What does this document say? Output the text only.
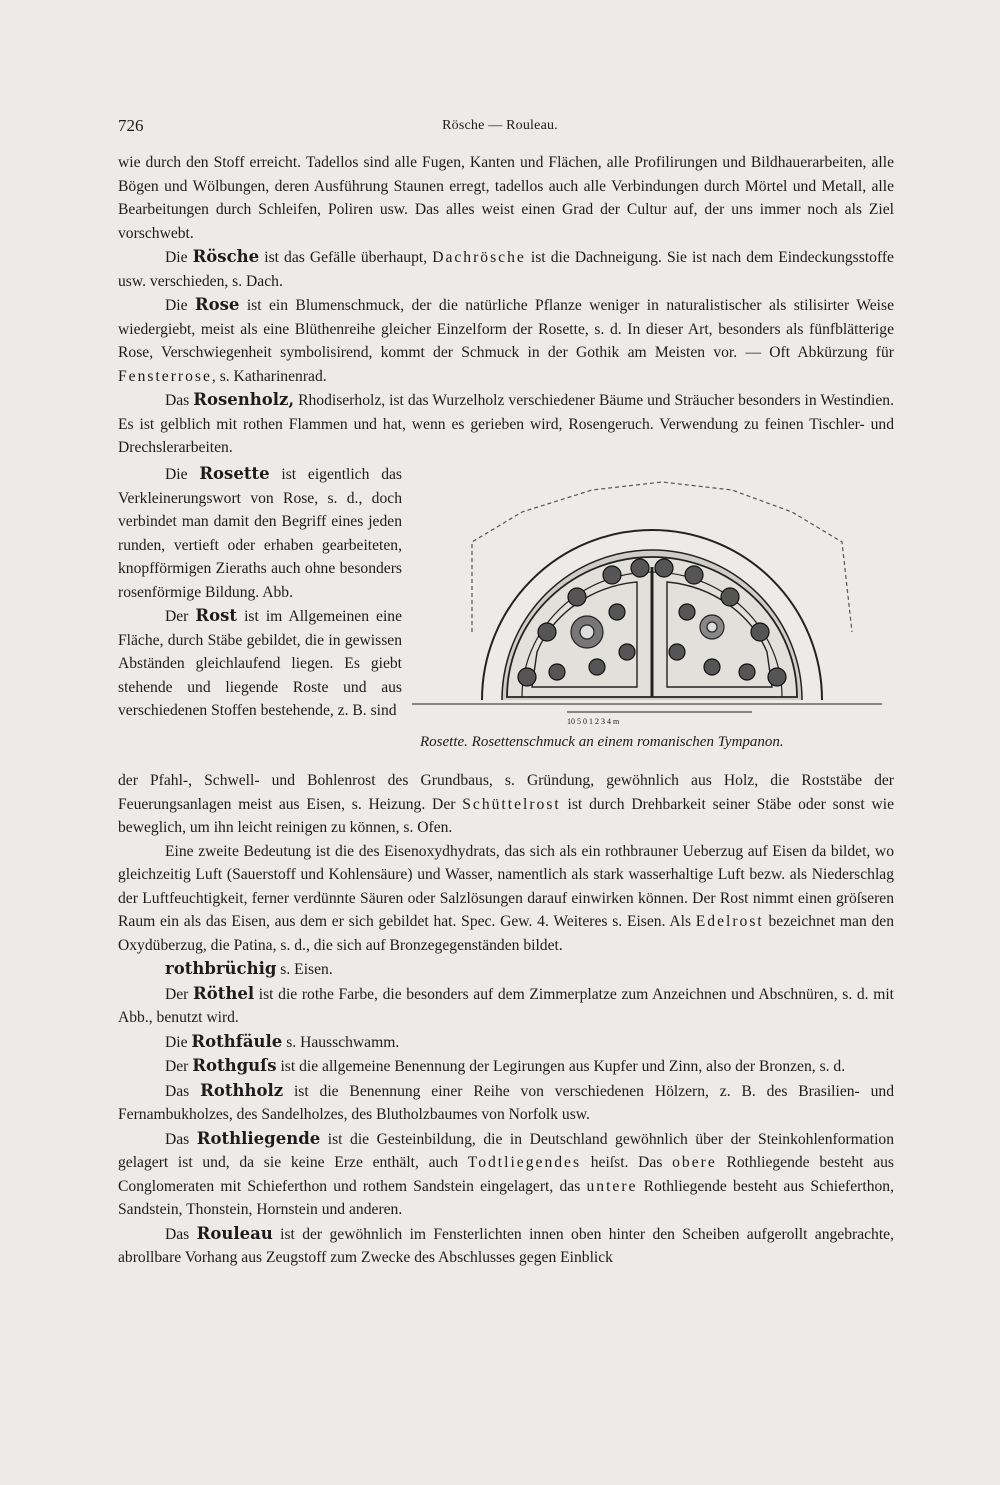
726	Rösche — Rouleau.

wie durch den Stoff erreicht. Tadellos sind alle Fugen, Kanten und Flächen, alle Profilirungen und Bildhauerarbeiten, alle Bögen und Wölbungen, deren Ausführung Staunen erregt, tadellos auch alle Verbindungen durch Mörtel und Metall, alle Bearbeitungen durch Schleifen, Poliren usw. Das alles weist einen Grad der Cultur auf, der uns immer noch als Ziel vorschwebt.

Die Rösche ist das Gefälle überhaupt, Dachrösche ist die Dachneigung. Sie ist nach dem Eindeckungsstoffe usw. verschieden, s. Dach.

Die Rose ist ein Blumenschmuck, der die natürliche Pflanze weniger in naturalistischer als stilisirter Weise wiedergiebt, meist als eine Blüthenreihe gleicher Einzelform der Rosette, s. d. In dieser Art, besonders als fünfblätterige Rose, Verschwiegenheit symbolisirend, kommt der Schmuck in der Gothik am Meisten vor. — Oft Abkürzung für Fensterrose, s. Katharinenrad.

Das Rosenholz, Rhodiserholz, ist das Wurzelholz verschiedener Bäume und Sträucher besonders in Westindien. Es ist gelblich mit rothen Flammen und hat, wenn es gerieben wird, Rosengeruch. Verwendung zu feinen Tischler- und Drechslerarbeiten.

Die Rosette ist eigentlich das Verkleinerungswort von Rose, s. d., doch verbindet man damit den Begriff eines jeden runden, vertieft oder erhaben gearbeiteten, knopfförmigen Zieraths auch ohne besonders rosenförmige Bildung. Abb.

Der Rost ist im Allgemeinen eine Fläche, durch Stäbe gebildet, die in gewissen Abständen gleichlaufend liegen. Es giebt stehende und liegende Roste und aus verschiedenen Stoffen bestehende, z. B. sind

10 5 0 1 2 3 4 m
Rosette. Rosettenschmuck an einem romanischen Tympanon.

der Pfahl-, Schwell- und Bohlenrost des Grundbaus, s. Gründung, gewöhnlich aus Holz, die Roststäbe der Feuerungsanlagen meist aus Eisen, s. Heizung. Der Schüttelrost ist durch Drehbarkeit seiner Stäbe oder sonst wie beweglich, um ihn leicht reinigen zu können, s. Ofen.

Eine zweite Bedeutung ist die des Eisenoxydhydrats, das sich als ein rothbrauner Ueberzug auf Eisen da bildet, wo gleichzeitig Luft (Sauerstoff und Kohlensäure) und Wasser, namentlich als stark wasserhaltige Luft bezw. als Niederschlag der Luftfeuchtigkeit, ferner verdünnte Säuren oder Salzlösungen darauf einwirken können. Der Rost nimmt einen gröſseren Raum ein als das Eisen, aus dem er sich gebildet hat. Spec. Gew. 4. Weiteres s. Eisen. Als Edelrost bezeichnet man den Oxydüberzug, die Patina, s. d., die sich auf Bronzegegenständen bildet.

rothbrüchig s. Eisen.

Der Röthel ist die rothe Farbe, die besonders auf dem Zimmerplatze zum Anzeichnen und Abschnüren, s. d. mit Abb., benutzt wird.

Die Rothfäule s. Hausschwamm.

Der Rothguſs ist die allgemeine Benennung der Legirungen aus Kupfer und Zinn, also der Bronzen, s. d.

Das Rothholz ist die Benennung einer Reihe von verschiedenen Hölzern, z. B. des Brasilien- und Fernambukholzes, des Sandelholzes, des Blutholzbaumes von Norfolk usw.

Das Rothliegende ist die Gesteinbildung, die in Deutschland gewöhnlich über der Steinkohlenformation gelagert ist und, da sie keine Erze enthält, auch Todtliegendes heiſst. Das obere Rothliegende besteht aus Conglomeraten mit Schieferthon und rothem Sandstein eingelagert, das untere Rothliegende besteht aus Schieferthon, Sandstein, Thonstein, Hornstein und anderen.

Das Rouleau ist der gewöhnlich im Fensterlichten innen oben hinter den Scheiben aufgerollt angebrachte, abrollbare Vorhang aus Zeugstoff zum Zwecke des Abschlusses gegen Einblick
